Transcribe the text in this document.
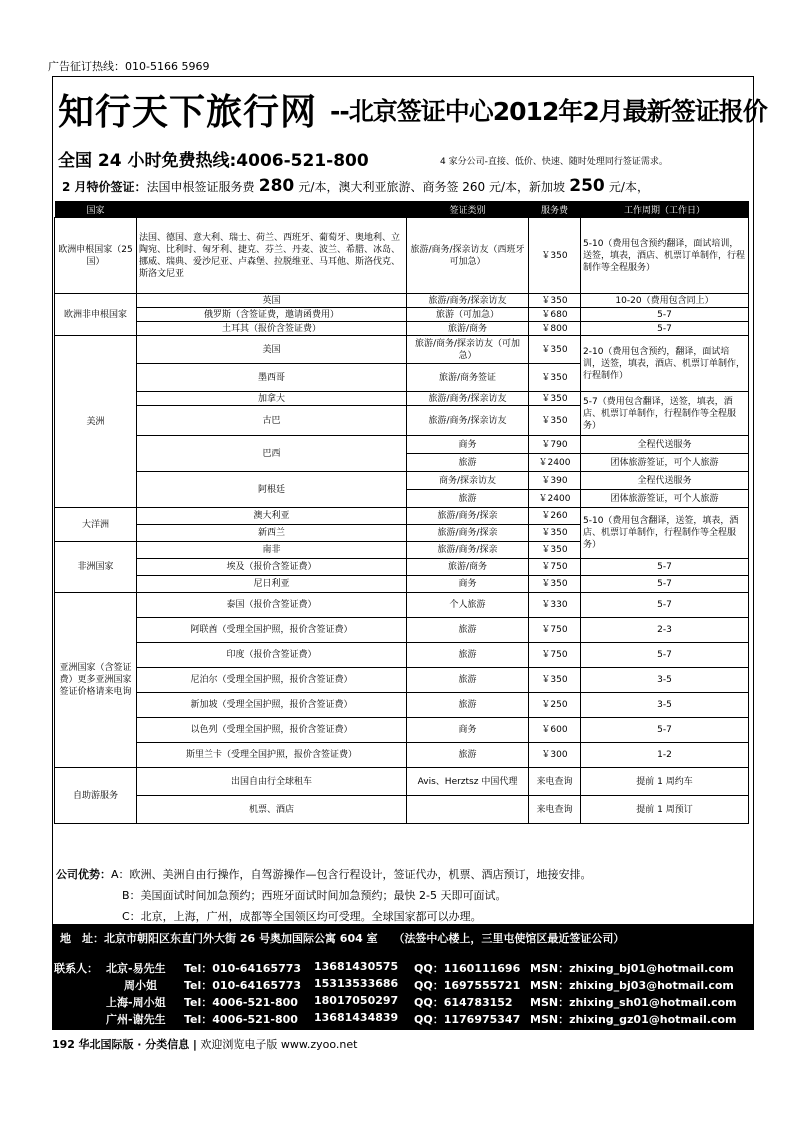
广告征订热线：010-5166 5969
知行天下旅行网 --北京签证中心2012年2月最新签证报价
全国 24 小时免费热线:4006-521-800	4 家分公司-直接、低价、快速、随时处理同行签证需求。
2 月特价签证：法国申根签证服务费 280 元/本，澳大利亚旅游、商务签 260 元/本，新加坡 250 元/本，
国家		签证类别	服务费	工作周期（工作日）
欧洲申根国家（25 国）	法国、德国、意大利、瑞士、荷兰、西班牙、葡萄牙、奥地利、立陶宛、比利时、匈牙利、捷克、芬兰、丹麦、波兰、希腊、冰岛、挪威、瑞典、爱沙尼亚、卢森堡、拉脱维亚、马耳他、斯洛伐克、斯洛文尼亚	旅游/商务/探亲访友（西班牙可加急）	￥350	5-10（费用包含预约翻译，面试培训，送签，填表，酒店、机票订单制作，行程制作等全程服务）
欧洲非申根国家	英国	旅游/商务/探亲访友	￥350	10-20（费用包含同上）
	俄罗斯（含签证费，邀请函费用）	旅游（可加急）	￥680	5-7
	土耳其（报价含签证费）	旅游/商务	￥800	5-7
美洲	美国	旅游/商务/探亲访友（可加急）	￥350	2-10（费用包含预约，翻译，面试培训，送签，填表，酒店、机票订单制作，行程制作）
	墨西哥	旅游/商务签证	￥350	
	加拿大	旅游/商务/探亲访友	￥350	5-7（费用包含翻译，送签，填表，酒店、机票订单制作，行程制作等全程服务）
	古巴	旅游/商务/探亲访友	￥350	
	巴西	商务	￥790	全程代送服务
		旅游	￥2400	团体旅游签证，可个人旅游
	阿根廷	商务/探亲访友	￥390	全程代送服务
		旅游	￥2400	团体旅游签证，可个人旅游
大洋洲	澳大利亚	旅游/商务/探亲	￥260	5-10（费用包含翻译，送签，填表，酒店、机票订单制作，行程制作等全程服务）
	新西兰	旅游/商务/探亲	￥350	
非洲国家	南非	旅游/商务/探亲	￥350	
	埃及（报价含签证费）	旅游/商务	￥750	5-7
	尼日利亚	商务	￥350	5-7
亚洲国家（含签证费）更多亚洲国家签证价格请来电询	泰国（报价含签证费）	个人旅游	￥330	5-7
	阿联酋（受理全国护照，报价含签证费）	旅游	￥750	2-3
	印度（报价含签证费）	旅游	￥750	5-7
	尼泊尔（受理全国护照，报价含签证费）	旅游	￥350	3-5
	新加坡（受理全国护照，报价含签证费）	旅游	￥250	3-5
	以色列（受理全国护照，报价含签证费）	商务	￥600	5-7
	斯里兰卡（受理全国护照，报价含签证费）	旅游	￥300	1-2
自助游服务	出国自由行全球租车	Avis、Herztsz 中国代理	来电查询	提前 1 周约车
	机票、酒店		来电查询	提前 1 周预订
公司优势：A：欧洲、美洲自由行操作，自驾游操作—包含行程设计，签证代办，机票、酒店预订，地接安排。
B：美国面试时间加急预约；西班牙面试时间加急预约；最快 2-5 天即可面试。
C：北京，上海，广州，成都等全国领区均可受理。全球国家都可以办理。
地　址：北京市朝阳区东直门外大街 26 号奥加国际公寓 604 室 （法签中心楼上，三里屯使馆区最近签证公司）
联系人： 北京-易先生 Tel：010-64165773 13681430575 QQ：1160111696 MSN：zhixing_bj01@hotmail.com
周小姐 Tel：010-64165773 15313533686 QQ：1697555721 MSN：zhixing_bj03@hotmail.com
上海-周小姐 Tel：4006-521-800 18017050297 QQ：614783152 MSN：zhixing_sh01@hotmail.com
广州-谢先生 Tel：4006-521-800 13681434839 QQ：1176975347 MSN：zhixing_gz01@hotmail.com
192 华北国际版 · 分类信息 | 欢迎浏览电子版 www.zyoo.net
